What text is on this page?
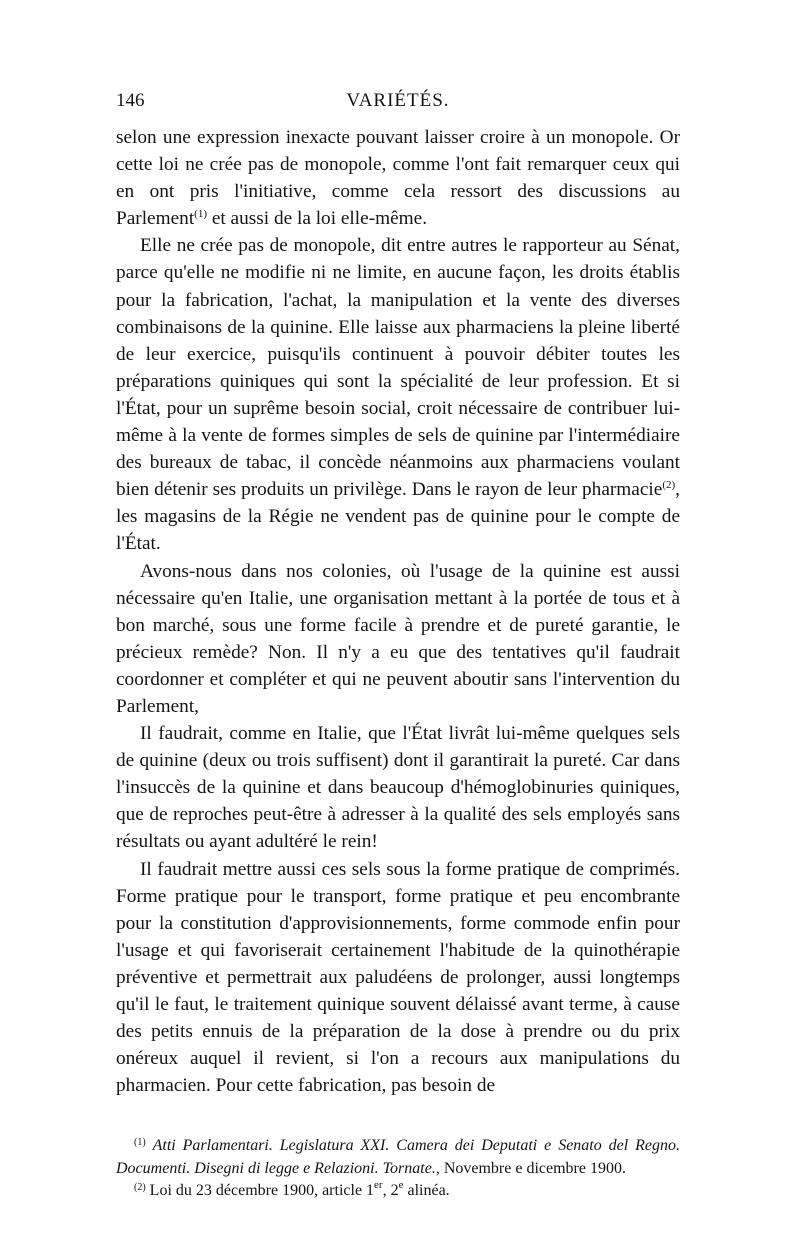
146	VARIÉTÉS.

selon une expression inexacte pouvant laisser croire à un monopole. Or cette loi ne crée pas de monopole, comme l'ont fait remarquer ceux qui en ont pris l'initiative, comme cela ressort des discussions au Parlement$^{(1)}$ et aussi de la loi elle-même.

Elle ne crée pas de monopole, dit entre autres le rapporteur au Sénat, parce qu'elle ne modifie ni ne limite, en aucune façon, les droits établis pour la fabrication, l'achat, la manipulation et la vente des diverses combinaisons de la quinine. Elle laisse aux pharmaciens la pleine liberté de leur exercice, puisqu'ils continuent à pouvoir débiter toutes les préparations quiniques qui sont la spécialité de leur profession. Et si l'État, pour un suprême besoin social, croit nécessaire de contribuer lui-même à la vente de formes simples de sels de quinine par l'intermédiaire des bureaux de tabac, il concède néanmoins aux pharmaciens voulant bien détenir ses produits un privilège. Dans le rayon de leur pharmacie$^{(2)}$, les magasins de la Régie ne vendent pas de quinine pour le compte de l'État.

Avons-nous dans nos colonies, où l'usage de la quinine est aussi nécessaire qu'en Italie, une organisation mettant à la portée de tous et à bon marché, sous une forme facile à prendre et de pureté garantie, le précieux remède? Non. Il n'y a eu que des tentatives qu'il faudrait coordonner et compléter et qui ne peuvent aboutir sans l'intervention du Parlement,

Il faudrait, comme en Italie, que l'État livrât lui-même quelques sels de quinine (deux ou trois suffisent) dont il garantirait la pureté. Car dans l'insuccès de la quinine et dans beaucoup d'hémoglobinuries quiniques, que de reproches peut-être à adresser à la qualité des sels employés sans résultats ou ayant adultéré le rein!

Il faudrait mettre aussi ces sels sous la forme pratique de comprimés. Forme pratique pour le transport, forme pratique et peu encombrante pour la constitution d'approvisionnements, forme commode enfin pour l'usage et qui favoriserait certainement l'habitude de la quinothérapie préventive et permettrait aux paludéens de prolonger, aussi longtemps qu'il le faut, le traitement quinique souvent délaissé avant terme, à cause des petits ennuis de la préparation de la dose à prendre ou du prix onéreux auquel il revient, si l'on a recours aux manipulations du pharmacien. Pour cette fabrication, pas besoin de

$^{(1)}$ Atti Parlamentari. Legislatura XXI. Camera dei Deputati e Senato del Regno. Documenti. Disegni di legge e Relazioni. Tornate., Novembre e dicembre 1900.

$^{(2)}$ Loi du 23 décembre 1900, article 1er, 2e alinéa.
